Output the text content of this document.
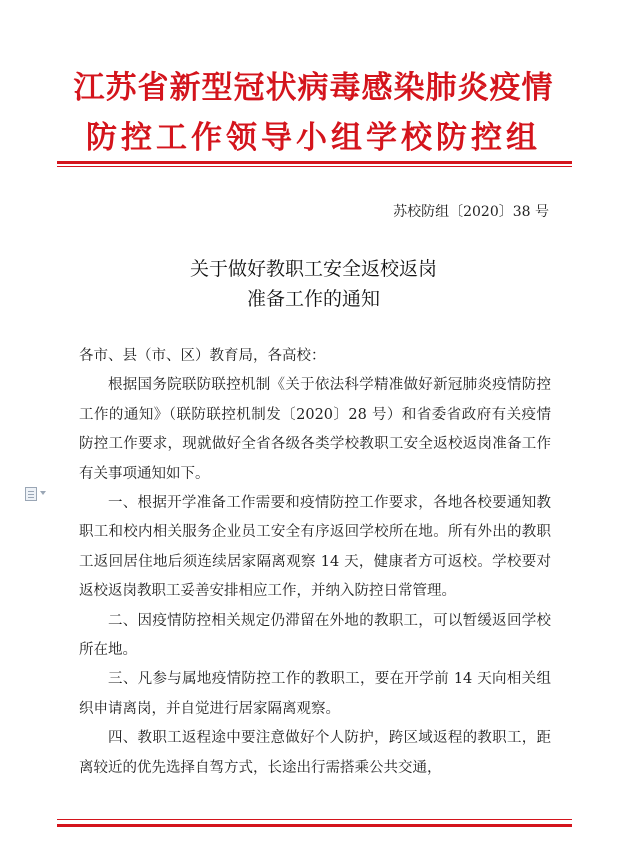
江苏省新型冠状病毒感染肺炎疫情
防控工作领导小组学校防控组
苏校防组〔2020〕38 号
关于做好教职工安全返校返岗
准备工作的通知

各市、县（市、区）教育局，各高校：

根据国务院联防联控机制《关于依法科学精准做好新冠肺炎疫情防控工作的通知》（联防联控机制发〔2020〕28 号）和省委省政府有关疫情防控工作要求，现就做好全省各级各类学校教职工安全返校返岗准备工作有关事项通知如下。

一、根据开学准备工作需要和疫情防控工作要求，各地各校要通知教职工和校内相关服务企业员工安全有序返回学校所在地。所有外出的教职工返回居住地后须连续居家隔离观察 14 天，健康者方可返校。学校要对返校返岗教职工妥善安排相应工作，并纳入防控日常管理。

二、因疫情防控相关规定仍滞留在外地的教职工，可以暂缓返回学校所在地。

三、凡参与属地疫情防控工作的教职工，要在开学前 14 天向相关组织申请离岗，并自觉进行居家隔离观察。

四、教职工返程途中要注意做好个人防护，跨区域返程的教职工，距离较近的优先选择自驾方式，长途出行需搭乘公共交通，
